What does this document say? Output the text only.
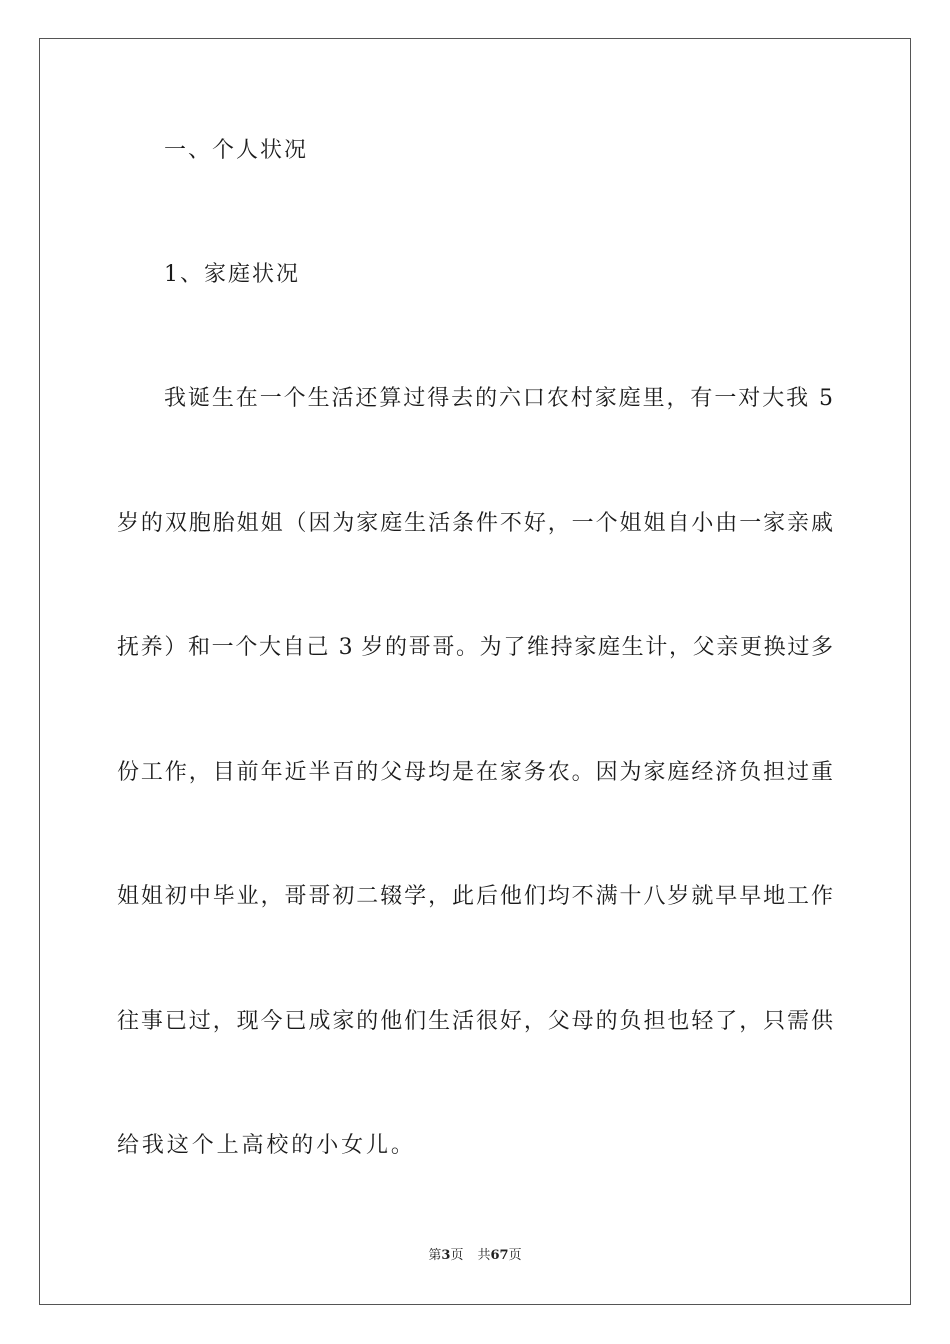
一、个人状况
1、家庭状况
我诞生在一个生活还算过得去的六口农村家庭里，有一对大我 5
岁的双胞胎姐姐（因为家庭生活条件不好，一个姐姐自小由一家亲戚
抚养）和一个大自己 3 岁的哥哥。为了维持家庭生计，父亲更换过多
份工作，目前年近半百的父母均是在家务农。因为家庭经济负担过重
姐姐初中毕业，哥哥初二辍学，此后他们均不满十八岁就早早地工作
往事已过，现今已成家的他们生活很好，父母的负担也轻了，只需供
给我这个上高校的小女儿。
第3页 共67页
